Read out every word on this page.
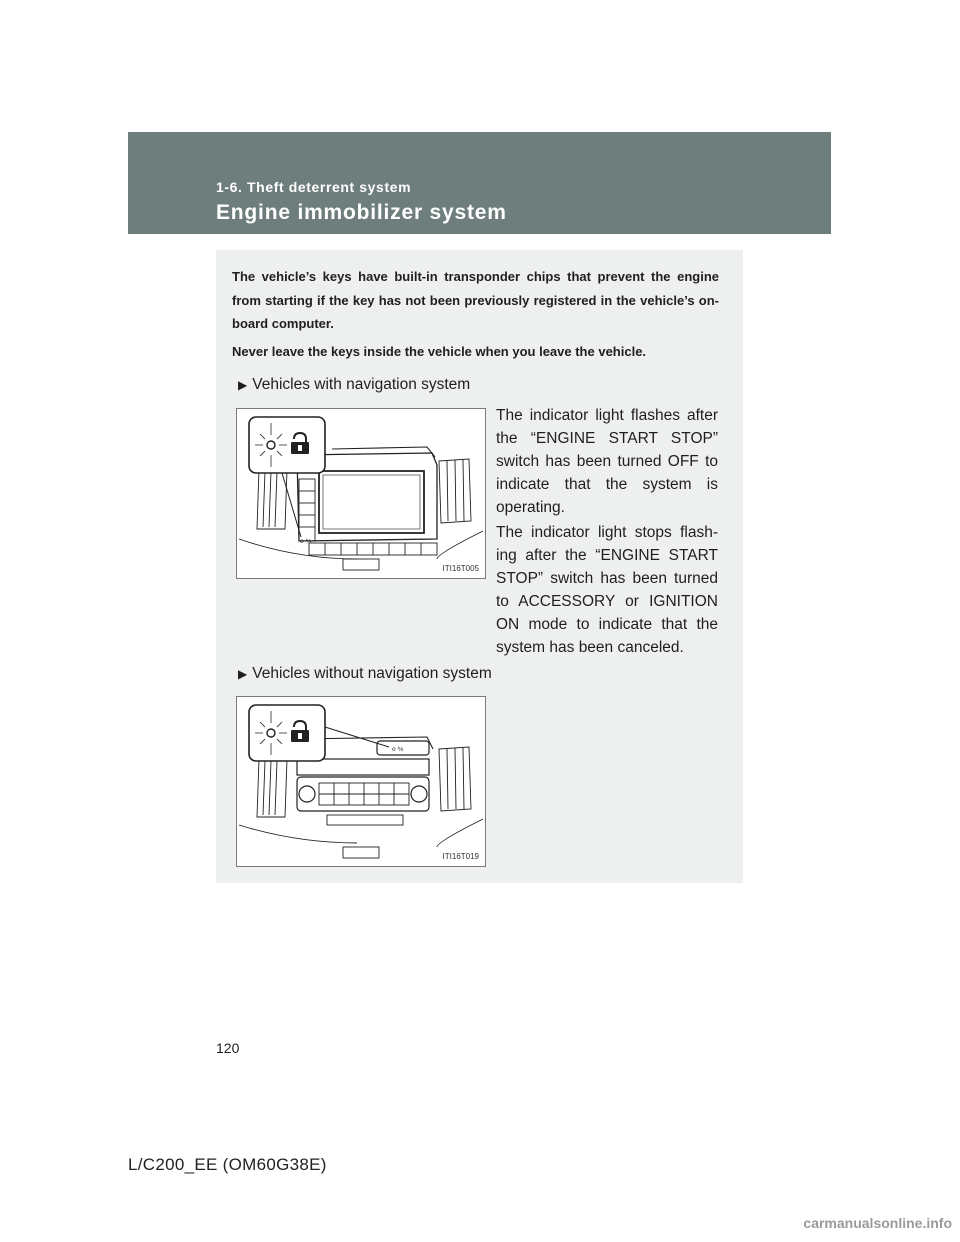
1-6. Theft deterrent system
Engine immobilizer system
The vehicle’s keys have built-in transponder chips that prevent the engine from starting if the key has not been previously registered in the vehicle’s on-board computer.
Never leave the keys inside the vehicle when you leave the vehicle.
▶ Vehicles with navigation system
o ⅍
ITI16T005

The indicator light flashes after the “ENGINE START STOP” switch has been turned OFF to indicate that the system is operating.

The indicator light stops flash-ing after the “ENGINE START STOP” switch has been turned to ACCESSORY or IGNITION ON mode to indicate that the system has been canceled.

▶ Vehicles without navigation system
o ⅍
ITI16T019
120
L/C200_EE (OM60G38E)
carmanualsonline.info
